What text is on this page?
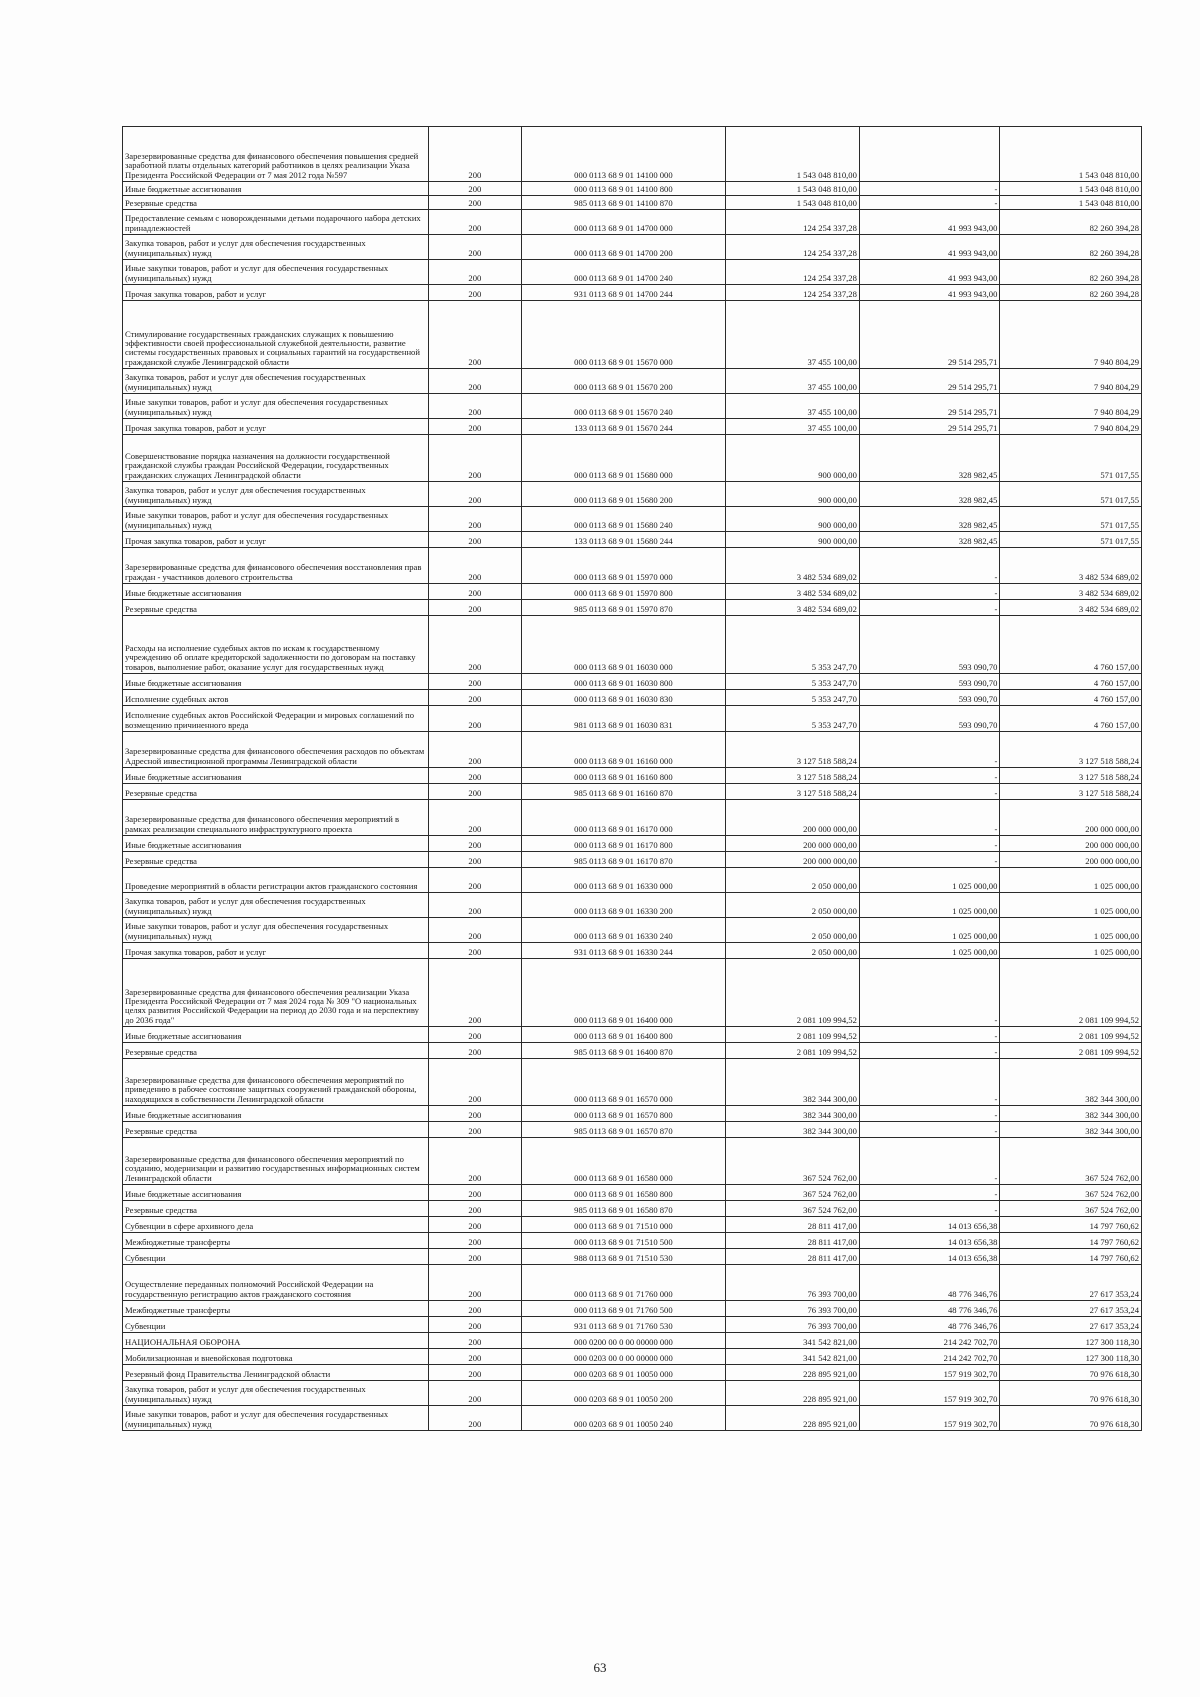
Зарезервированные средства для финансового обеспечения повышения средней заработной платы отдельных категорий работников в целях реализации Указа Президента Российской Федерации от 7 мая 2012 года №597	200	000 0113 68 9 01 14100 000	1 543 048 810,00		1 543 048 810,00
Иные бюджетные ассигнования	200	000 0113 68 9 01 14100 800	1 543 048 810,00	-	1 543 048 810,00
Резервные средства	200	985 0113 68 9 01 14100 870	1 543 048 810,00	-	1 543 048 810,00
Предоставление семьям с новорожденными детьми подарочного набора детских принадлежностей	200	000 0113 68 9 01 14700 000	124 254 337,28	41 993 943,00	82 260 394,28
Закупка товаров, работ и услуг для обеспечения государственных (муниципальных) нужд	200	000 0113 68 9 01 14700 200	124 254 337,28	41 993 943,00	82 260 394,28
Иные закупки товаров, работ и услуг для обеспечения государственных (муниципальных) нужд	200	000 0113 68 9 01 14700 240	124 254 337,28	41 993 943,00	82 260 394,28
Прочая закупка товаров, работ и услуг	200	931 0113 68 9 01 14700 244	124 254 337,28	41 993 943,00	82 260 394,28
Стимулирование государственных гражданских служащих к повышению эффективности своей профессиональной служебной деятельности, развитие системы государственных правовых и социальных гарантий на государственной гражданской службе Ленинградской области	200	000 0113 68 9 01 15670 000	37 455 100,00	29 514 295,71	7 940 804,29
Закупка товаров, работ и услуг для обеспечения государственных (муниципальных) нужд	200	000 0113 68 9 01 15670 200	37 455 100,00	29 514 295,71	7 940 804,29
Иные закупки товаров, работ и услуг для обеспечения государственных (муниципальных) нужд	200	000 0113 68 9 01 15670 240	37 455 100,00	29 514 295,71	7 940 804,29
Прочая закупка товаров, работ и услуг	200	133 0113 68 9 01 15670 244	37 455 100,00	29 514 295,71	7 940 804,29
Совершенствование порядка назначения на должности государственной гражданской службы граждан Российской Федерации, государственных гражданских служащих Ленинградской области	200	000 0113 68 9 01 15680 000	900 000,00	328 982,45	571 017,55
Закупка товаров, работ и услуг для обеспечения государственных (муниципальных) нужд	200	000 0113 68 9 01 15680 200	900 000,00	328 982,45	571 017,55
Иные закупки товаров, работ и услуг для обеспечения государственных (муниципальных) нужд	200	000 0113 68 9 01 15680 240	900 000,00	328 982,45	571 017,55
Прочая закупка товаров, работ и услуг	200	133 0113 68 9 01 15680 244	900 000,00	328 982,45	571 017,55
Зарезервированные средства для финансового обеспечения восстановления прав граждан - участников долевого строительства	200	000 0113 68 9 01 15970 000	3 482 534 689,02	-	3 482 534 689,02
Иные бюджетные ассигнования	200	000 0113 68 9 01 15970 800	3 482 534 689,02	-	3 482 534 689,02
Резервные средства	200	985 0113 68 9 01 15970 870	3 482 534 689,02	-	3 482 534 689,02
Расходы на исполнение судебных актов по искам к государственному учреждению об оплате кредиторской задолженности по договорам на поставку товаров, выполнение работ, оказание услуг для государственных нужд	200	000 0113 68 9 01 16030 000	5 353 247,70	593 090,70	4 760 157,00
Иные бюджетные ассигнования	200	000 0113 68 9 01 16030 800	5 353 247,70	593 090,70	4 760 157,00
Исполнение судебных актов	200	000 0113 68 9 01 16030 830	5 353 247,70	593 090,70	4 760 157,00
Исполнение судебных актов Российской Федерации и мировых соглашений по возмещению причиненного вреда	200	981 0113 68 9 01 16030 831	5 353 247,70	593 090,70	4 760 157,00
Зарезервированные средства для финансового обеспечения расходов по объектам Адресной инвестиционной программы Ленинградской области	200	000 0113 68 9 01 16160 000	3 127 518 588,24	-	3 127 518 588,24
Иные бюджетные ассигнования	200	000 0113 68 9 01 16160 800	3 127 518 588,24	-	3 127 518 588,24
Резервные средства	200	985 0113 68 9 01 16160 870	3 127 518 588,24	-	3 127 518 588,24
Зарезервированные средства для финансового обеспечения мероприятий в рамках реализации специального инфраструктурного проекта	200	000 0113 68 9 01 16170 000	200 000 000,00	-	200 000 000,00
Иные бюджетные ассигнования	200	000 0113 68 9 01 16170 800	200 000 000,00	-	200 000 000,00
Резервные средства	200	985 0113 68 9 01 16170 870	200 000 000,00	-	200 000 000,00
Проведение мероприятий в области регистрации актов гражданского состояния	200	000 0113 68 9 01 16330 000	2 050 000,00	1 025 000,00	1 025 000,00
Закупка товаров, работ и услуг для обеспечения государственных (муниципальных) нужд	200	000 0113 68 9 01 16330 200	2 050 000,00	1 025 000,00	1 025 000,00
Иные закупки товаров, работ и услуг для обеспечения государственных (муниципальных) нужд	200	000 0113 68 9 01 16330 240	2 050 000,00	1 025 000,00	1 025 000,00
Прочая закупка товаров, работ и услуг	200	931 0113 68 9 01 16330 244	2 050 000,00	1 025 000,00	1 025 000,00
Зарезервированные средства для финансового обеспечения реализации Указа Президента Российской Федерации от 7 мая 2024 года № 309 "О национальных целях развития Российской Федерации на период до 2030 года и на перспективу до 2036 года"	200	000 0113 68 9 01 16400 000	2 081 109 994,52	-	2 081 109 994,52
Иные бюджетные ассигнования	200	000 0113 68 9 01 16400 800	2 081 109 994,52	-	2 081 109 994,52
Резервные средства	200	985 0113 68 9 01 16400 870	2 081 109 994,52	-	2 081 109 994,52
Зарезервированные средства для финансового обеспечения мероприятий по приведению в рабочее состояние защитных сооружений гражданской обороны, находящихся в собственности Ленинградской области	200	000 0113 68 9 01 16570 000	382 344 300,00	-	382 344 300,00
Иные бюджетные ассигнования	200	000 0113 68 9 01 16570 800	382 344 300,00	-	382 344 300,00
Резервные средства	200	985 0113 68 9 01 16570 870	382 344 300,00	-	382 344 300,00
Зарезервированные средства для финансового обеспечения мероприятий по созданию, модернизации и развитию государственных информационных систем Ленинградской области	200	000 0113 68 9 01 16580 000	367 524 762,00	-	367 524 762,00
Иные бюджетные ассигнования	200	000 0113 68 9 01 16580 800	367 524 762,00	-	367 524 762,00
Резервные средства	200	985 0113 68 9 01 16580 870	367 524 762,00	-	367 524 762,00
Субвенции в сфере архивного дела	200	000 0113 68 9 01 71510 000	28 811 417,00	14 013 656,38	14 797 760,62
Межбюджетные трансферты	200	000 0113 68 9 01 71510 500	28 811 417,00	14 013 656,38	14 797 760,62
Субвенции	200	988 0113 68 9 01 71510 530	28 811 417,00	14 013 656,38	14 797 760,62
Осуществление переданных полномочий Российской Федерации на государственную регистрацию актов гражданского состояния	200	000 0113 68 9 01 71760 000	76 393 700,00	48 776 346,76	27 617 353,24
Межбюджетные трансферты	200	000 0113 68 9 01 71760 500	76 393 700,00	48 776 346,76	27 617 353,24
Субвенции	200	931 0113 68 9 01 71760 530	76 393 700,00	48 776 346,76	27 617 353,24
НАЦИОНАЛЬНАЯ ОБОРОНА	200	000 0200 00 0 00 00000 000	341 542 821,00	214 242 702,70	127 300 118,30
Мобилизационная и вневойсковая подготовка	200	000 0203 00 0 00 00000 000	341 542 821,00	214 242 702,70	127 300 118,30
Резервный фонд Правительства Ленинградской области	200	000 0203 68 9 01 10050 000	228 895 921,00	157 919 302,70	70 976 618,30
Закупка товаров, работ и услуг для обеспечения государственных (муниципальных) нужд	200	000 0203 68 9 01 10050 200	228 895 921,00	157 919 302,70	70 976 618,30
Иные закупки товаров, работ и услуг для обеспечения государственных (муниципальных) нужд	200	000 0203 68 9 01 10050 240	228 895 921,00	157 919 302,70	70 976 618,30
63
